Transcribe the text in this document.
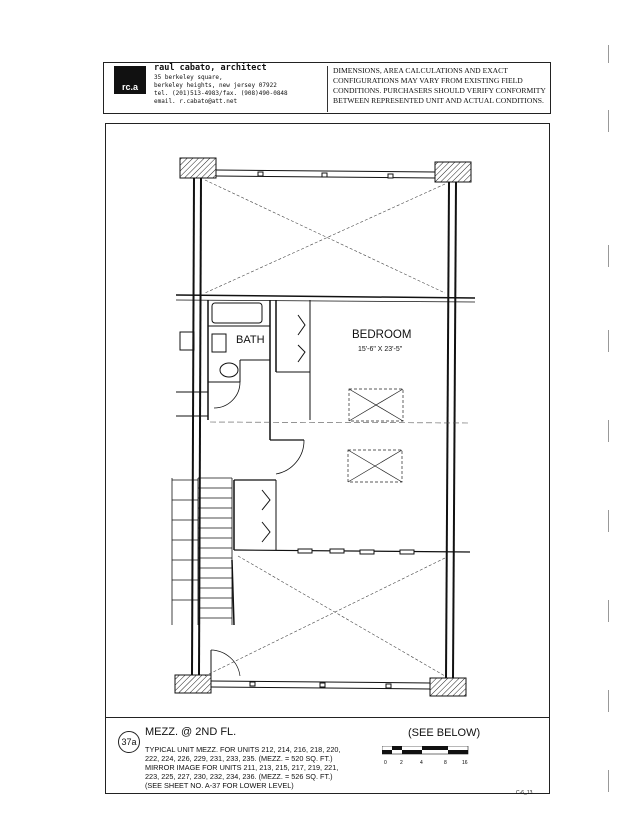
rc.a
raul cabato, architect
35 berkeley square,
berkeley heights, new jersey 07922
tel. (201)513-4983/fax. (908)490-0848
email. r.cabato@att.net
DIMENSIONS, AREA CALCULATIONS AND EXACT CONFIGURATIONS MAY VARY FROM EXISTING FIELD CONDITIONS. PURCHASERS SHOULD VERIFY CONFORMITY BETWEEN REPRESENTED UNIT AND ACTUAL CONDITIONS.
BATH	BEDROOM
15'-6" X 23'-5"
37a
MEZZ. @ 2ND FL.	(SEE BELOW)
TYPICAL UNIT MEZZ. FOR UNITS 212, 214, 216, 218, 220,
222, 224, 226, 229, 231, 233, 235. (MEZZ. = 520 SQ. FT.)
MIRROR IMAGE FOR UNITS 211, 213, 215, 217, 219, 221,
223, 225, 227, 230, 232, 234, 236. (MEZZ. = 526 SQ. FT.)
(SEE SHEET NO. A-37 FOR LOWER LEVEL)
0	2	4	8	16
C-6_13
